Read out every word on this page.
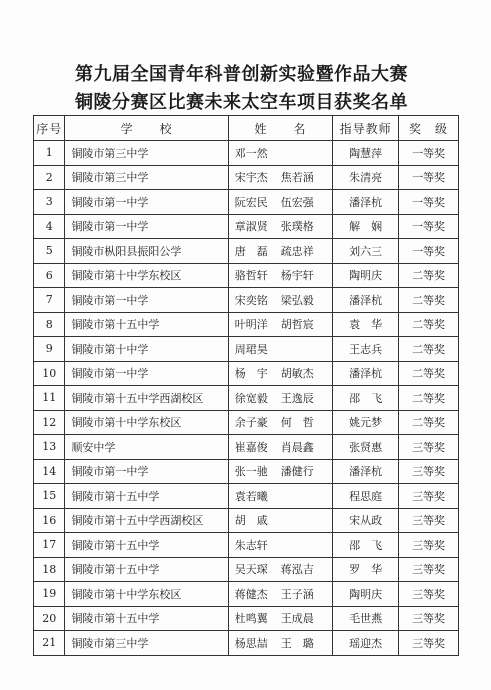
第九届全国青年科普创新实验暨作品大赛
铜陵分赛区比赛未来太空车项目获奖名单
序号	学　　校	姓　　名	指导教师	奖　级
1	铜陵市第三中学	邓一然	陶慧萍	一等奖
2	铜陵市第三中学	宋宇杰 焦若涵	朱清亮	一等奖
3	铜陵市第一中学	阮宏民 伍宏强	潘泽杭	一等奖
4	铜陵市第一中学	章淑贤 张璞格	解　娴	一等奖
5	铜陵市枞阳县振阳公学	唐　磊 疏忠祥	刘六三	一等奖
6	铜陵市第十中学东校区	骆哲轩 杨宇轩	陶明庆	二等奖
7	铜陵市第一中学	宋奕铭 梁弘毅	潘泽杭	二等奖
8	铜陵市第十五中学	叶明洋 胡哲宸	袁　华	二等奖
9	铜陵市第十中学	周珺昊	王志兵	二等奖
10	铜陵市第一中学	杨　宇 胡敏杰	潘泽杭	二等奖
11	铜陵市第十五中学西湖校区	徐宽毅 王逸辰	邵　飞	二等奖
12	铜陵市第十中学东校区	余子豪 何　哲	姚元梦	二等奖
13	顺安中学	崔嘉俊 肖晨鑫	张贤惠	三等奖
14	铜陵市第一中学	张一驰 潘健行	潘泽杭	三等奖
15	铜陵市第十五中学	袁若曦	程思庭	三等奖
16	铜陵市第十五中学西湖校区	胡　戚	宋从政	三等奖
17	铜陵市第十五中学	朱志轩	邵　飞	三等奖
18	铜陵市第十五中学	吴天琛 蒋泓吉	罗　华	三等奖
19	铜陵市第十中学东校区	蒋健杰 王子涵	陶明庆	三等奖
20	铜陵市第十五中学	杜鸣翼 王成晨	毛世燕	三等奖
21	铜陵市第三中学	杨思喆 王　璐	瑶迎杰	三等奖
